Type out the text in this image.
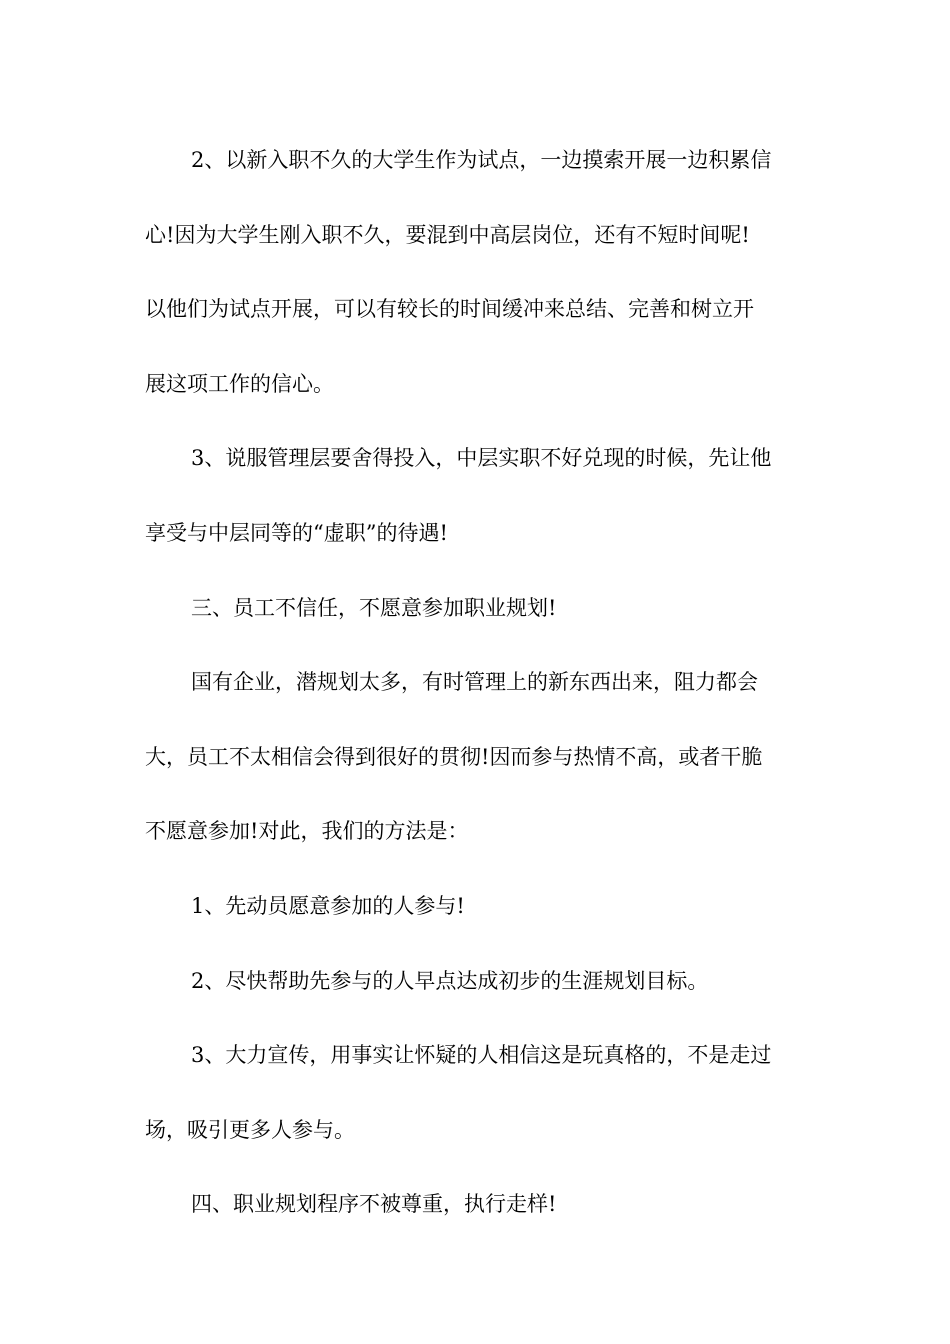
2、以新入职不久的大学生作为试点，一边摸索开展一边积累信
心!因为大学生刚入职不久，要混到中高层岗位，还有不短时间呢!
以他们为试点开展，可以有较长的时间缓冲来总结、完善和树立开
展这项工作的信心。

3、说服管理层要舍得投入，中层实职不好兑现的时候，先让他
享受与中层同等的“虚职”的待遇!

三、员工不信任，不愿意参加职业规划!

国有企业，潜规划太多，有时管理上的新东西出来，阻力都会
大，员工不太相信会得到很好的贯彻!因而参与热情不高，或者干脆
不愿意参加!对此，我们的方法是：

1、先动员愿意参加的人参与!

2、尽快帮助先参与的人早点达成初步的生涯规划目标。

3、大力宣传，用事实让怀疑的人相信这是玩真格的，不是走过
场，吸引更多人参与。

四、职业规划程序不被尊重，执行走样!
